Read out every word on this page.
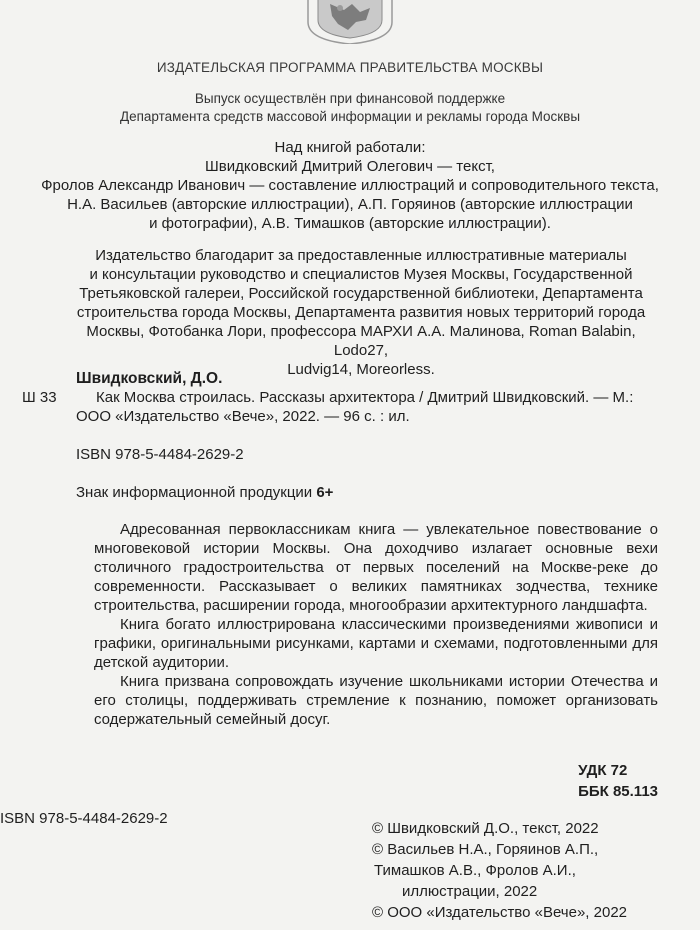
ИЗДАТЕЛЬСКАЯ ПРОГРАММА ПРАВИТЕЛЬСТВА МОСКВЫ
Выпуск осуществлён при финансовой поддержке
Департамента средств массовой информации и рекламы города Москвы
Над книгой работали:
Швидковский Дмитрий Олегович — текст,
Фролов Александр Иванович — составление иллюстраций и сопроводительного текста,
Н.А. Васильев (авторские иллюстрации), А.П. Горяинов (авторские иллюстрации
и фотографии), А.В. Тимашков (авторские иллюстрации).
Издательство благодарит за предоставленные иллюстративные материалы
и консультации руководство и специалистов Музея Москвы, Государственной
Третьяковской галереи, Российской государственной библиотеки, Департамента
строительства города Москвы, Департамента развития новых территорий города
Москвы, Фотобанка Лори, профессора МАРХИ А.А. Малинова, Roman Balabin, Lodo27,
Ludvig14, Moreorless.
Швидковский, Д.О.
Ш 33	Как Москва строилась. Рассказы архитектора / Дмитрий Швидковский. — М.:
ООО «Издательство «Вече», 2022. — 96 с. : ил.
ISBN 978-5-4484-2629-2
Знак информационной продукции 6+

Адресованная первоклассникам книга — увлекательное повествование о многовековой истории Москвы. Она доходчиво излагает основные вехи столичного градостроительства от первых поселений на Москве-реке до современности. Рассказывает о великих памятниках зодчества, технике строительства, расширении города, многообразии архитектурного ландшафта.

Книга богато иллюстрирована классическими произведениями живописи и графики, оригинальными рисунками, картами и схемами, подготовленными для детской аудитории.

Книга призвана сопровождать изучение школьниками истории Отечества и его столицы, поддерживать стремление к познанию, поможет организовать содержательный семейный досуг.

УДК 72
ББК 85.113
ISBN 978-5-4484-2629-2
© Швидковский Д.О., текст, 2022
© Васильев Н.А., Горяинов А.П.,
Тимашков А.В., Фролов А.И.,
иллюстрации, 2022
© ООО «Издательство «Вече», 2022
